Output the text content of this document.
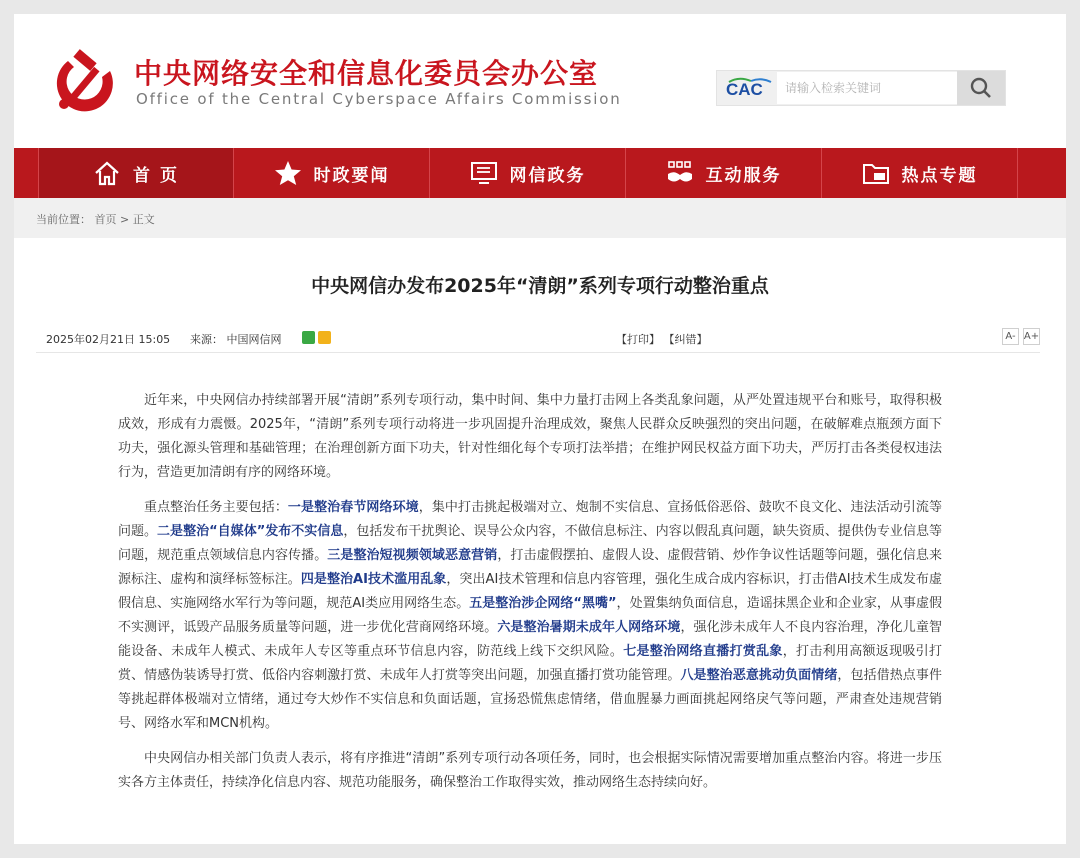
中央网络安全和信息化委员会办公室
Office of the Central Cyberspace Affairs Commission	CAC
请输入检索关键词
首 页	时政要闻	网信政务	互动服务	热点专题
当前位置： 首页 > 正文
中央网信办发布2025年“清朗”系列专项行动整治重点
2025年02月21日 15:05 来源： 中国网信网	【打印】 【纠错】	A- A+

近年来，中央网信办持续部署开展“清朗”系列专项行动，集中时间、集中力量打击网上各类乱象问题，从严处置违规平台和账号，取得积极成效，形成有力震慑。2025年，“清朗”系列专项行动将进一步巩固提升治理成效，聚焦人民群众反映强烈的突出问题，在破解难点瓶颈方面下功夫，强化源头管理和基础管理；在治理创新方面下功夫，针对性细化每个专项打法举措；在维护网民权益方面下功夫，严厉打击各类侵权违法行为，营造更加清朗有序的网络环境。

重点整治任务主要包括：一是整治春节网络环境，集中打击挑起极端对立、炮制不实信息、宣扬低俗恶俗、鼓吹不良文化、违法活动引流等问题。二是整治“自媒体”发布不实信息，包括发布干扰舆论、误导公众内容，不做信息标注、内容以假乱真问题，缺失资质、提供伪专业信息等问题，规范重点领域信息内容传播。三是整治短视频领域恶意营销，打击虚假摆拍、虚假人设、虚假营销、炒作争议性话题等问题，强化信息来源标注、虚构和演绎标签标注。四是整治AI技术滥用乱象，突出AI技术管理和信息内容管理，强化生成合成内容标识，打击借AI技术生成发布虚假信息、实施网络水军行为等问题，规范AI类应用网络生态。五是整治涉企网络“黑嘴”，处置集纳负面信息，造谣抹黑企业和企业家，从事虚假不实测评，诋毁产品服务质量等问题，进一步优化营商网络环境。六是整治暑期未成年人网络环境，强化涉未成年人不良内容治理，净化儿童智能设备、未成年人模式、未成年人专区等重点环节信息内容，防范线上线下交织风险。七是整治网络直播打赏乱象，打击利用高额返现吸引打赏、情感伪装诱导打赏、低俗内容刺激打赏、未成年人打赏等突出问题，加强直播打赏功能管理。八是整治恶意挑动负面情绪，包括借热点事件等挑起群体极端对立情绪，通过夸大炒作不实信息和负面话题，宣扬恐慌焦虑情绪，借血腥暴力画面挑起网络戾气等问题，严肃查处违规营销号、网络水军和MCN机构。

中央网信办相关部门负责人表示，将有序推进“清朗”系列专项行动各项任务，同时，也会根据实际情况需要增加重点整治内容。将进一步压实各方主体责任，持续净化信息内容、规范功能服务，确保整治工作取得实效，推动网络生态持续向好。
